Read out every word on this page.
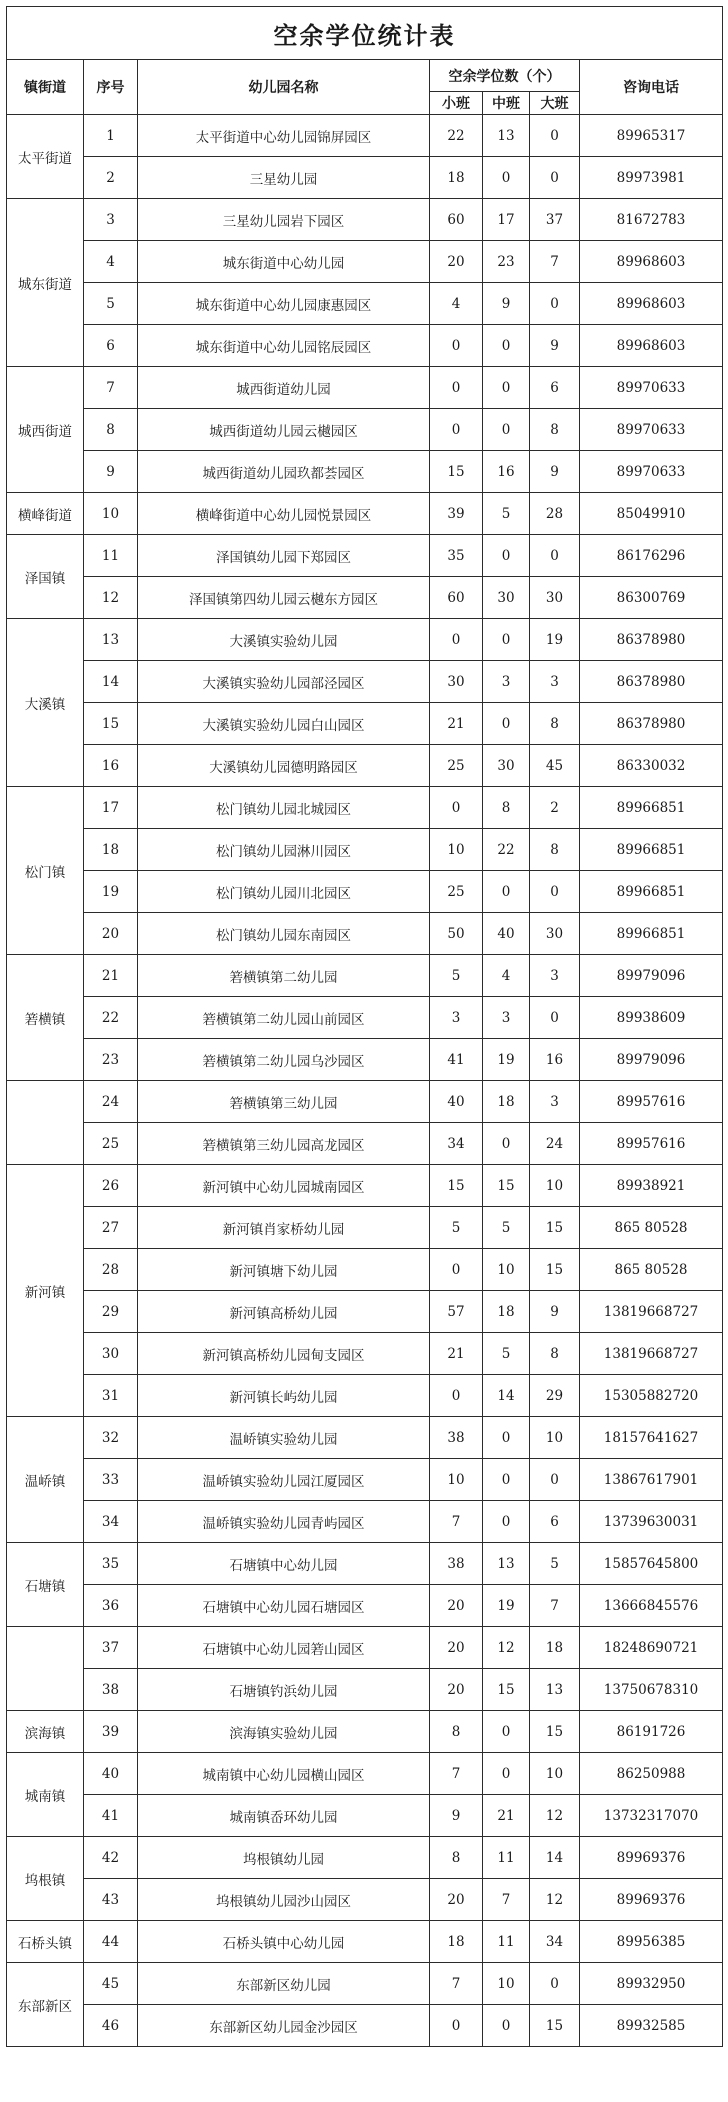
空余学位统计表						
镇街道	序号	幼儿园名称	空余学位数（个）			咨询电话
			小班	中班	大班	
太平街道	1	太平街道中心幼儿园锦屏园区	22	13	0	89965317
	2	三星幼儿园	18	0	0	89973981
城东街道	3	三星幼儿园岩下园区	60	17	37	81672783
	4	城东街道中心幼儿园	20	23	7	89968603
	5	城东街道中心幼儿园康惠园区	4	9	0	89968603
	6	城东街道中心幼儿园铭辰园区	0	0	9	89968603
城西街道	7	城西街道幼儿园	0	0	6	89970633
	8	城西街道幼儿园云樾园区	0	0	8	89970633
	9	城西街道幼儿园玖都荟园区	15	16	9	89970633
横峰街道	10	横峰街道中心幼儿园悦景园区	39	5	28	85049910
泽国镇	11	泽国镇幼儿园下郑园区	35	0	0	86176296
	12	泽国镇第四幼儿园云樾东方园区	60	30	30	86300769
大溪镇	13	大溪镇实验幼儿园	0	0	19	86378980
	14	大溪镇实验幼儿园部泾园区	30	3	3	86378980
	15	大溪镇实验幼儿园白山园区	21	0	8	86378980
	16	大溪镇幼儿园德明路园区	25	30	45	86330032
松门镇	17	松门镇幼儿园北城园区	0	8	2	89966851
	18	松门镇幼儿园淋川园区	10	22	8	89966851
	19	松门镇幼儿园川北园区	25	0	0	89966851
	20	松门镇幼儿园东南园区	50	40	30	89966851
箬横镇	21	箬横镇第二幼儿园	5	4	3	89979096
	22	箬横镇第二幼儿园山前园区	3	3	0	89938609
	23	箬横镇第二幼儿园乌沙园区	41	19	16	89979096
	24	箬横镇第三幼儿园	40	18	3	89957616
	25	箬横镇第三幼儿园高龙园区	34	0	24	89957616
新河镇	26	新河镇中心幼儿园城南园区	15	15	10	89938921
	27	新河镇肖家桥幼儿园	5	5	15	865 80528
	28	新河镇塘下幼儿园	0	10	15	865 80528
	29	新河镇高桥幼儿园	57	18	9	13819668727
	30	新河镇高桥幼儿园甸支园区	21	5	8	13819668727
	31	新河镇长屿幼儿园	0	14	29	15305882720
温峤镇	32	温峤镇实验幼儿园	38	0	10	18157641627
	33	温峤镇实验幼儿园江厦园区	10	0	0	13867617901
	34	温峤镇实验幼儿园青屿园区	7	0	6	13739630031
石塘镇	35	石塘镇中心幼儿园	38	13	5	15857645800
	36	石塘镇中心幼儿园石塘园区	20	19	7	13666845576
	37	石塘镇中心幼儿园箬山园区	20	12	18	18248690721
	38	石塘镇钓浜幼儿园	20	15	13	13750678310
滨海镇	39	滨海镇实验幼儿园	8	0	15	86191726
城南镇	40	城南镇中心幼儿园横山园区	7	0	10	86250988
	41	城南镇岙环幼儿园	9	21	12	13732317070
坞根镇	42	坞根镇幼儿园	8	11	14	89969376
	43	坞根镇幼儿园沙山园区	20	7	12	89969376
石桥头镇	44	石桥头镇中心幼儿园	18	11	34	89956385
东部新区	45	东部新区幼儿园	7	10	0	89932950
	46	东部新区幼儿园金沙园区	0	0	15	89932585
